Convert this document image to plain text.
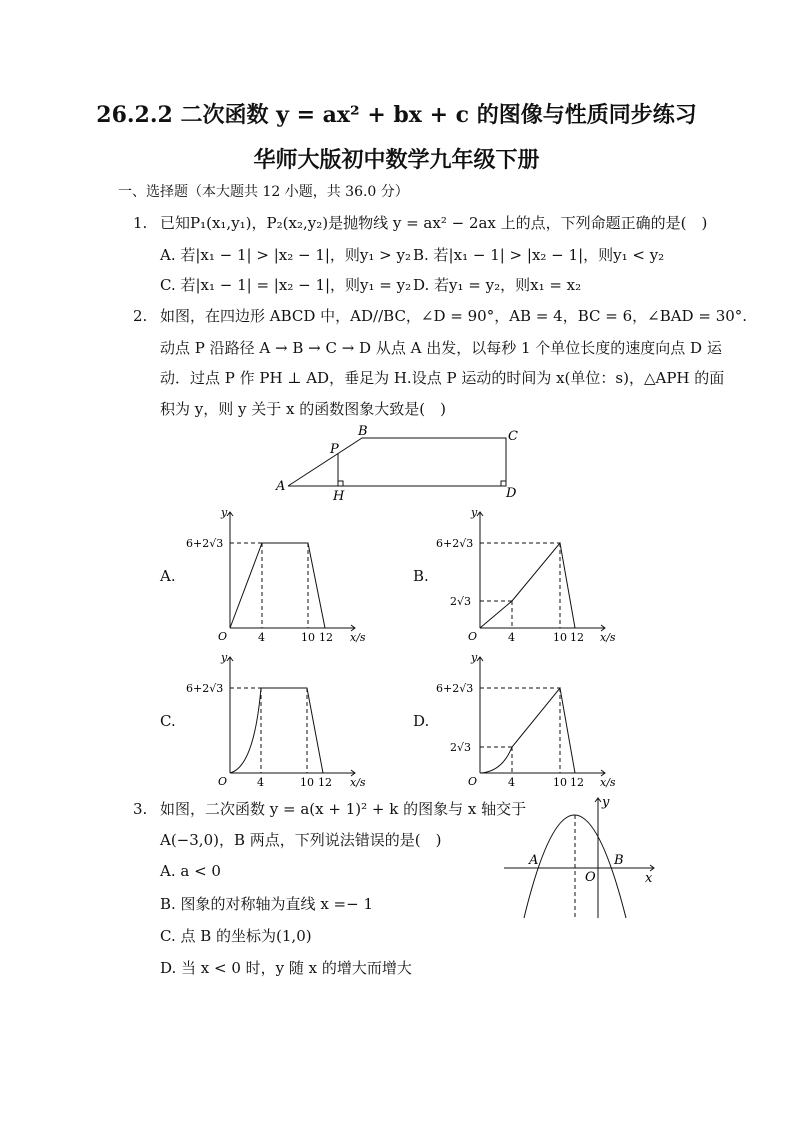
26.2.2 二次函数 y = ax² + bx + c 的图像与性质同步练习
华师大版初中数学九年级下册
一、选择题（本大题共 12 小题，共 36.0 分）
1. 已知P₁(x₁,y₁)，P₂(x₂,y₂)是抛物线 y = ax² − 2ax 上的点，下列命题正确的是(　)
A. 若|x₁ − 1| > |x₂ − 1|，则y₁ > y₂ B. 若|x₁ − 1| > |x₂ − 1|，则y₁ < y₂
C. 若|x₁ − 1| = |x₂ − 1|，则y₁ = y₂ D. 若y₁ = y₂，则x₁ = x₂
2. 如图，在四边形 ABCD 中，AD//BC，∠D = 90°，AB = 4，BC = 6，∠BAD = 30°.
动点 P 沿路径 A → B → C → D 从点 A 出发，以每秒 1 个单位长度的速度向点 D 运
动．过点 P 作 PH ⊥ AD，垂足为 H.设点 P 运动的时间为 x(单位：s)，△APH 的面
积为 y，则 y 关于 x 的函数图象大致是(　)
A
B	C
D
P
H
A.	B.
C.	D.
y
x/s
O
6+2√3
4	10 12
y
x/s
O
6+2√3
2√3
4	10 12
y
x/s
O
6+2√3
4	10 12
y
x/s
O
6+2√3
2√3
4	10 12
3. 如图，二次函数 y = a(x + 1)² + k 的图象与 x 轴交于
A(−3,0)，B 两点，下列说法错误的是(　)
A. a < 0
B. 图象的对称轴为直线 x =− 1
C. 点 B 的坐标为(1,0)
D. 当 x < 0 时，y 随 x 的增大而增大
y
x
O
A	B
